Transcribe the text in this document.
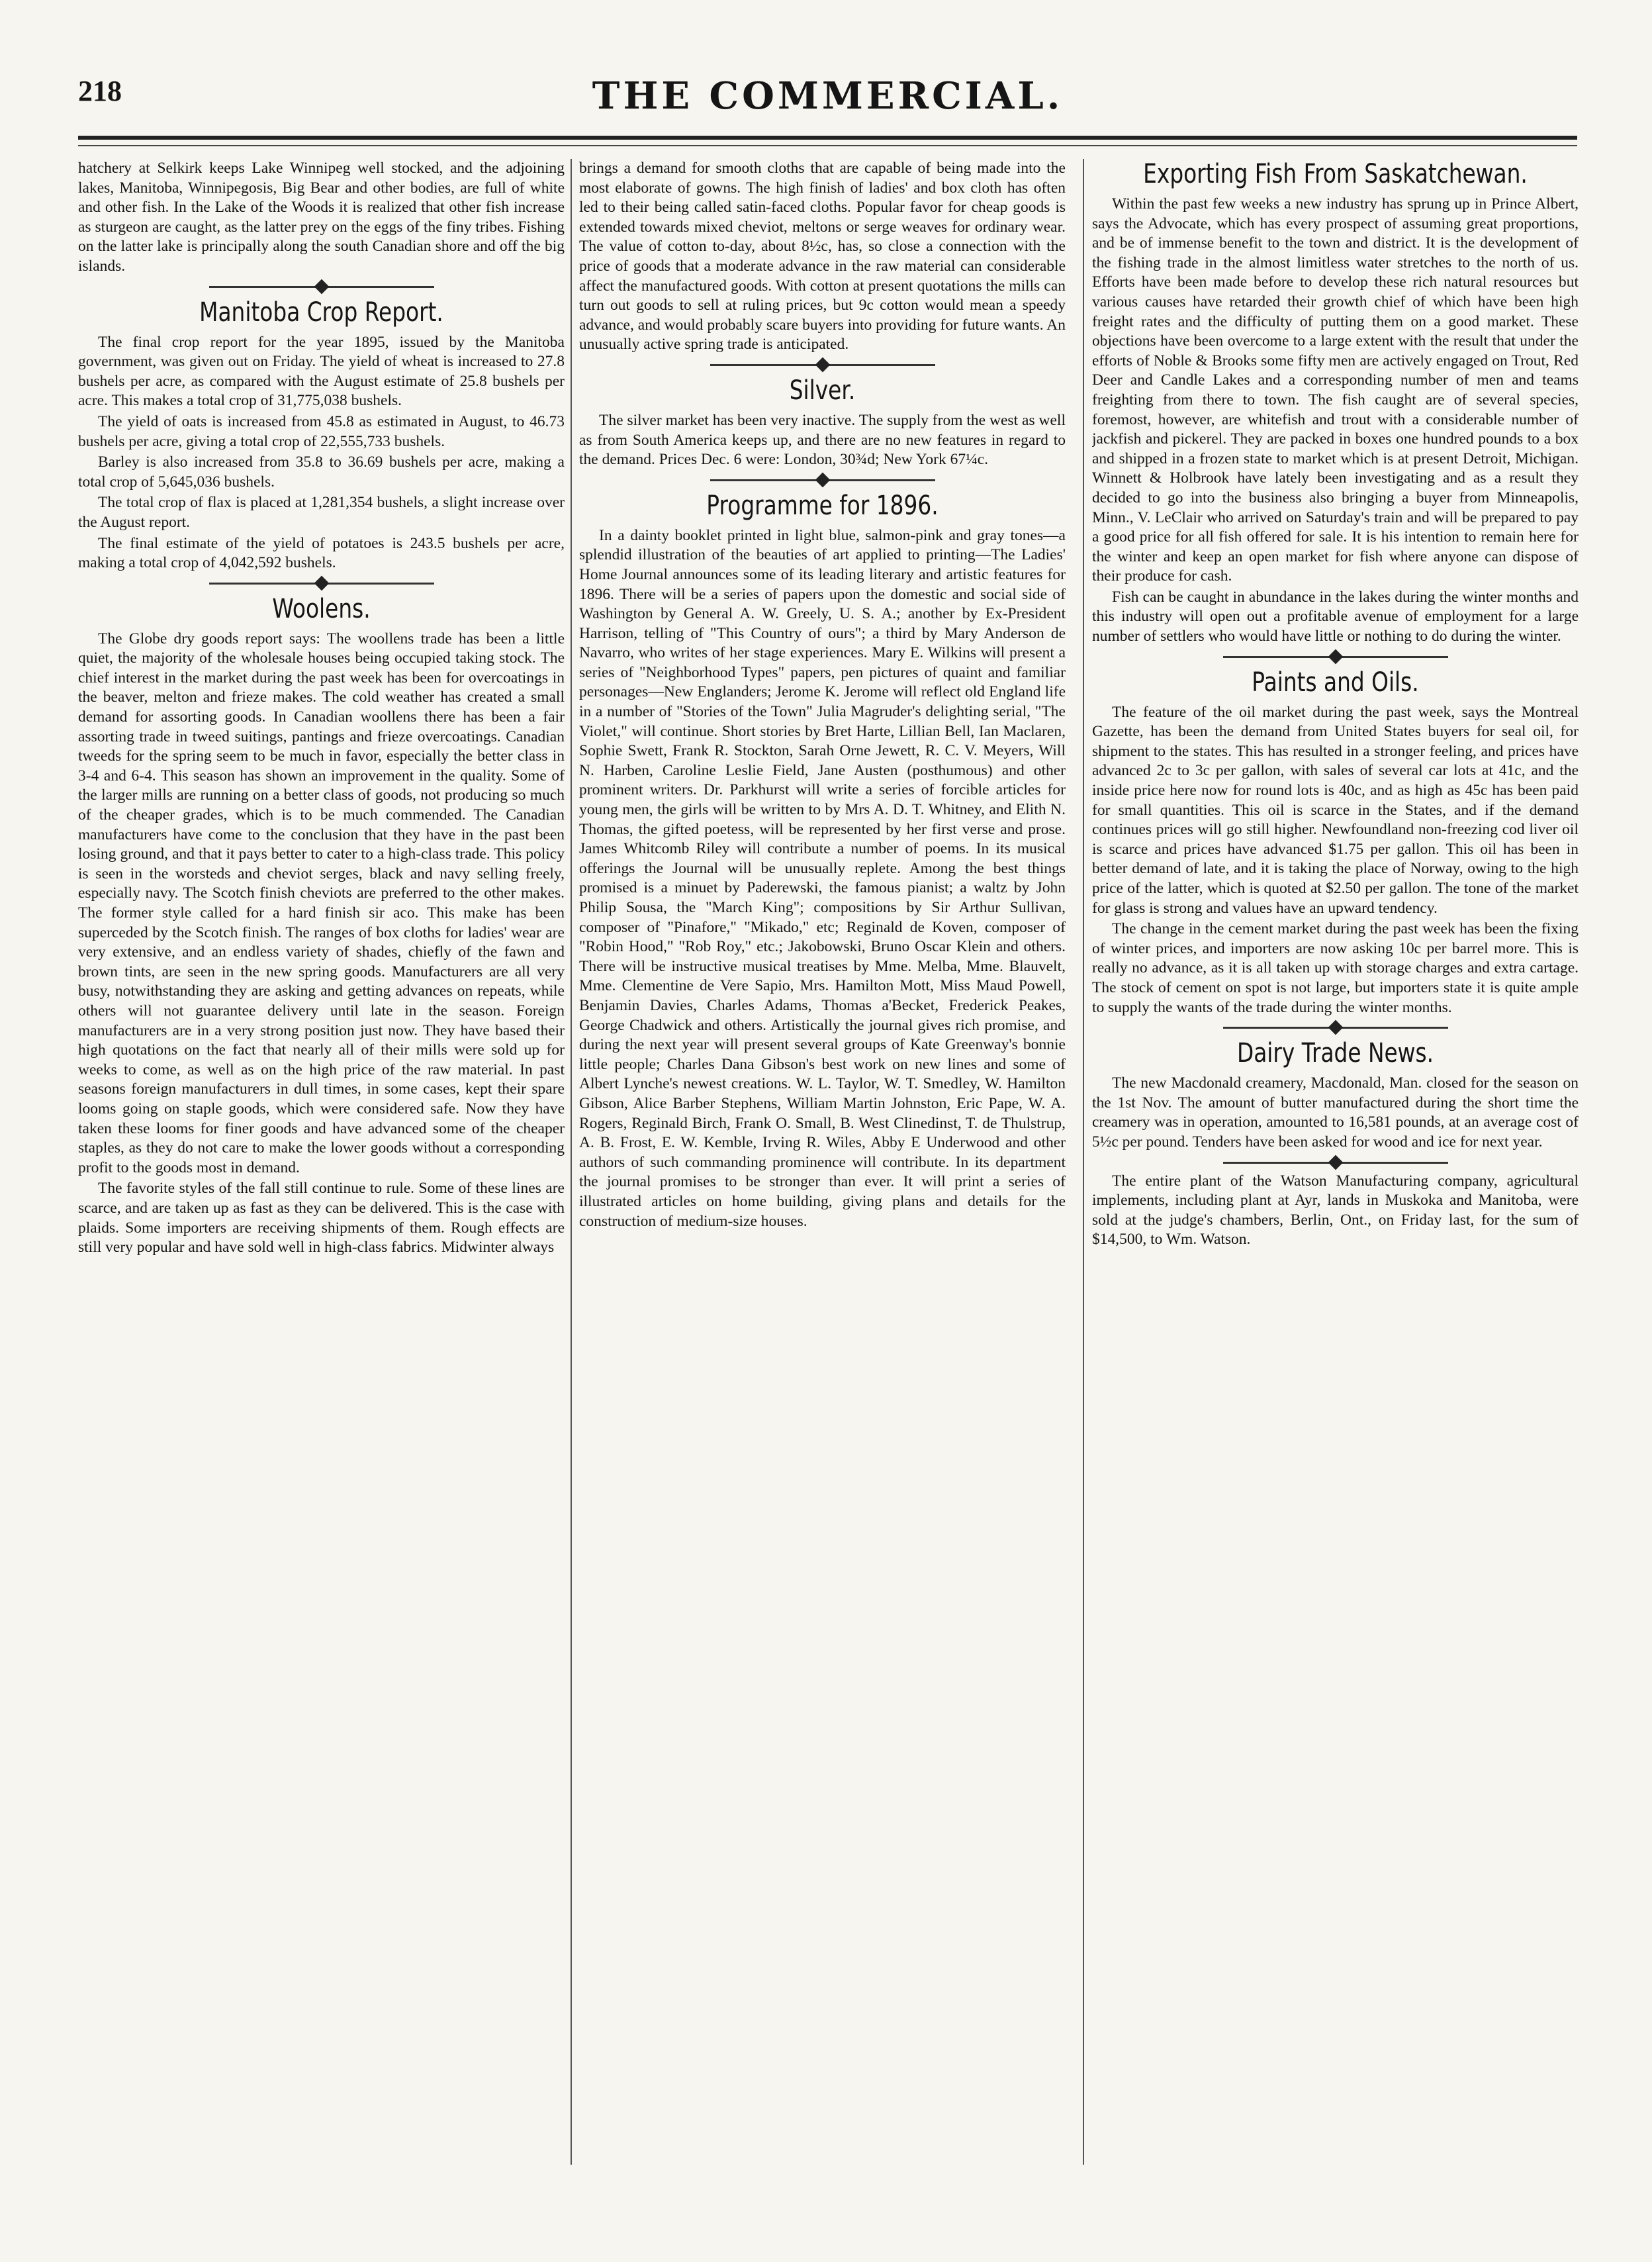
218	THE COMMERCIAL.

hatchery at Selkirk keeps Lake Winnipeg well stocked, and the adjoining lakes, Manitoba, Winnipegosis, Big Bear and other bodies, are full of white and other fish. In the Lake of the Woods it is realized that other fish increase as sturgeon are caught, as the latter prey on the eggs of the finy tribes. Fishing on the latter lake is principally along the south Canadian shore and off the big islands.

Manitoba Crop Report.

The final crop report for the year 1895, issued by the Manitoba government, was given out on Friday. The yield of wheat is increased to 27.8 bushels per acre, as compared with the August estimate of 25.8 bushels per acre. This makes a total crop of 31,775,038 bushels.

The yield of oats is increased from 45.8 as estimated in August, to 46.73 bushels per acre, giving a total crop of 22,555,733 bushels.

Barley is also increased from 35.8 to 36.69 bushels per acre, making a total crop of 5,645,036 bushels.

The total crop of flax is placed at 1,281,354 bushels, a slight increase over the August report.

The final estimate of the yield of potatoes is 243.5 bushels per acre, making a total crop of 4,042,592 bushels.

Woolens.

The Globe dry goods report says: The woollens trade has been a little quiet, the majority of the wholesale houses being occupied taking stock. The chief interest in the market during the past week has been for overcoatings in the beaver, melton and frieze makes. The cold weather has created a small demand for assorting goods. In Canadian woollens there has been a fair assorting trade in tweed suitings, pantings and frieze overcoatings. Canadian tweeds for the spring seem to be much in favor, especially the better class in 3-4 and 6-4. This season has shown an improvement in the quality. Some of the larger mills are running on a better class of goods, not producing so much of the cheaper grades, which is to be much commended. The Canadian manufacturers have come to the conclusion that they have in the past been losing ground, and that it pays better to cater to a high-class trade. This policy is seen in the worsteds and cheviot serges, black and navy selling freely, especially navy. The Scotch finish cheviots are preferred to the other makes. The former style called for a hard finish sir aco. This make has been superceded by the Scotch finish. The ranges of box cloths for ladies' wear are very extensive, and an endless variety of shades, chiefly of the fawn and brown tints, are seen in the new spring goods. Manufacturers are all very busy, notwithstanding they are asking and getting advances on repeats, while others will not guarantee delivery until late in the season. Foreign manufacturers are in a very strong position just now. They have based their high quotations on the fact that nearly all of their mills were sold up for weeks to come, as well as on the high price of the raw material. In past seasons foreign manufacturers in dull times, in some cases, kept their spare looms going on staple goods, which were considered safe. Now they have taken these looms for finer goods and have advanced some of the cheaper staples, as they do not care to make the lower goods without a corresponding profit to the goods most in demand.

The favorite styles of the fall still continue to rule. Some of these lines are scarce, and are taken up as fast as they can be delivered. This is the case with plaids. Some importers are receiving shipments of them. Rough effects are still very popular and have sold well in high-class fabrics. Midwinter always

brings a demand for smooth cloths that are capable of being made into the most elaborate of gowns. The high finish of ladies' and box cloth has often led to their being called satin-faced cloths. Popular favor for cheap goods is extended towards mixed cheviot, meltons or serge weaves for ordinary wear. The value of cotton to-day, about 8½c, has, so close a connection with the price of goods that a moderate advance in the raw material can considerable affect the manufactured goods. With cotton at present quotations the mills can turn out goods to sell at ruling prices, but 9c cotton would mean a speedy advance, and would probably scare buyers into providing for future wants. An unusually active spring trade is anticipated.

Silver.

The silver market has been very inactive. The supply from the west as well as from South America keeps up, and there are no new features in regard to the demand. Prices Dec. 6 were: London, 30¾d; New York 67¼c.

Programme for 1896.

In a dainty booklet printed in light blue, salmon-pink and gray tones—a splendid illustration of the beauties of art applied to printing—The Ladies' Home Journal announces some of its leading literary and artistic features for 1896. There will be a series of papers upon the domestic and social side of Washington by General A. W. Greely, U. S. A.; another by Ex-President Harrison, telling of "This Country of ours"; a third by Mary Anderson de Navarro, who writes of her stage experiences. Mary E. Wilkins will present a series of "Neighborhood Types" papers, pen pictures of quaint and familiar personages—New Englanders; Jerome K. Jerome will reflect old England life in a number of "Stories of the Town" Julia Magruder's delighting serial, "The Violet," will continue. Short stories by Bret Harte, Lillian Bell, Ian Maclaren, Sophie Swett, Frank R. Stockton, Sarah Orne Jewett, R. C. V. Meyers, Will N. Harben, Caroline Leslie Field, Jane Austen (posthumous) and other prominent writers. Dr. Parkhurst will write a series of forcible articles for young men, the girls will be written to by Mrs A. D. T. Whitney, and Elith N. Thomas, the gifted poetess, will be represented by her first verse and prose. James Whitcomb Riley will contribute a number of poems. In its musical offerings the Journal will be unusually replete. Among the best things promised is a minuet by Paderewski, the famous pianist; a waltz by John Philip Sousa, the "March King"; compositions by Sir Arthur Sullivan, composer of "Pinafore," "Mikado," etc; Reginald de Koven, composer of "Robin Hood," "Rob Roy," etc.; Jakobowski, Bruno Oscar Klein and others. There will be instructive musical treatises by Mme. Melba, Mme. Blauvelt, Mme. Clementine de Vere Sapio, Mrs. Hamilton Mott, Miss Maud Powell, Benjamin Davies, Charles Adams, Thomas a'Becket, Frederick Peakes, George Chadwick and others. Artistically the journal gives rich promise, and during the next year will present several groups of Kate Greenway's bonnie little people; Charles Dana Gibson's best work on new lines and some of Albert Lynche's newest creations. W. L. Taylor, W. T. Smedley, W. Hamilton Gibson, Alice Barber Stephens, William Martin Johnston, Eric Pape, W. A. Rogers, Reginald Birch, Frank O. Small, B. West Clinedinst, T. de Thulstrup, A. B. Frost, E. W. Kemble, Irving R. Wiles, Abby E Underwood and other authors of such commanding prominence will contribute. In its department the journal promises to be stronger than ever. It will print a series of illustrated articles on home building, giving plans and details for the construction of medium-size houses.

Exporting Fish From Saskatchewan.

Within the past few weeks a new industry has sprung up in Prince Albert, says the Advocate, which has every prospect of assuming great proportions, and be of immense benefit to the town and district. It is the development of the fishing trade in the almost limitless water stretches to the north of us. Efforts have been made before to develop these rich natural resources but various causes have retarded their growth chief of which have been high freight rates and the difficulty of putting them on a good market. These objections have been overcome to a large extent with the result that under the efforts of Noble & Brooks some fifty men are actively engaged on Trout, Red Deer and Candle Lakes and a corresponding number of men and teams freighting from there to town. The fish caught are of several species, foremost, however, are whitefish and trout with a considerable number of jackfish and pickerel. They are packed in boxes one hundred pounds to a box and shipped in a frozen state to market which is at present Detroit, Michigan. Winnett & Holbrook have lately been investigating and as a result they decided to go into the business also bringing a buyer from Minneapolis, Minn., V. LeClair who arrived on Saturday's train and will be prepared to pay a good price for all fish offered for sale. It is his intention to remain here for the winter and keep an open market for fish where anyone can dispose of their produce for cash.

Fish can be caught in abundance in the lakes during the winter months and this industry will open out a profitable avenue of employment for a large number of settlers who would have little or nothing to do during the winter.

Paints and Oils.

The feature of the oil market during the past week, says the Montreal Gazette, has been the demand from United States buyers for seal oil, for shipment to the states. This has resulted in a stronger feeling, and prices have advanced 2c to 3c per gallon, with sales of several car lots at 41c, and the inside price here now for round lots is 40c, and as high as 45c has been paid for small quantities. This oil is scarce in the States, and if the demand continues prices will go still higher. Newfoundland non-freezing cod liver oil is scarce and prices have advanced $1.75 per gallon. This oil has been in better demand of late, and it is taking the place of Norway, owing to the high price of the latter, which is quoted at $2.50 per gallon. The tone of the market for glass is strong and values have an upward tendency.

The change in the cement market during the past week has been the fixing of winter prices, and importers are now asking 10c per barrel more. This is really no advance, as it is all taken up with storage charges and extra cartage. The stock of cement on spot is not large, but importers state it is quite ample to supply the wants of the trade during the winter months.

Dairy Trade News.

The new Macdonald creamery, Macdonald, Man. closed for the season on the 1st Nov. The amount of butter manufactured during the short time the creamery was in operation, amounted to 16,581 pounds, at an average cost of 5½c per pound. Tenders have been asked for wood and ice for next year.

The entire plant of the Watson Manufacturing company, agricultural implements, including plant at Ayr, lands in Muskoka and Manitoba, were sold at the judge's chambers, Berlin, Ont., on Friday last, for the sum of $14,500, to Wm. Watson.
